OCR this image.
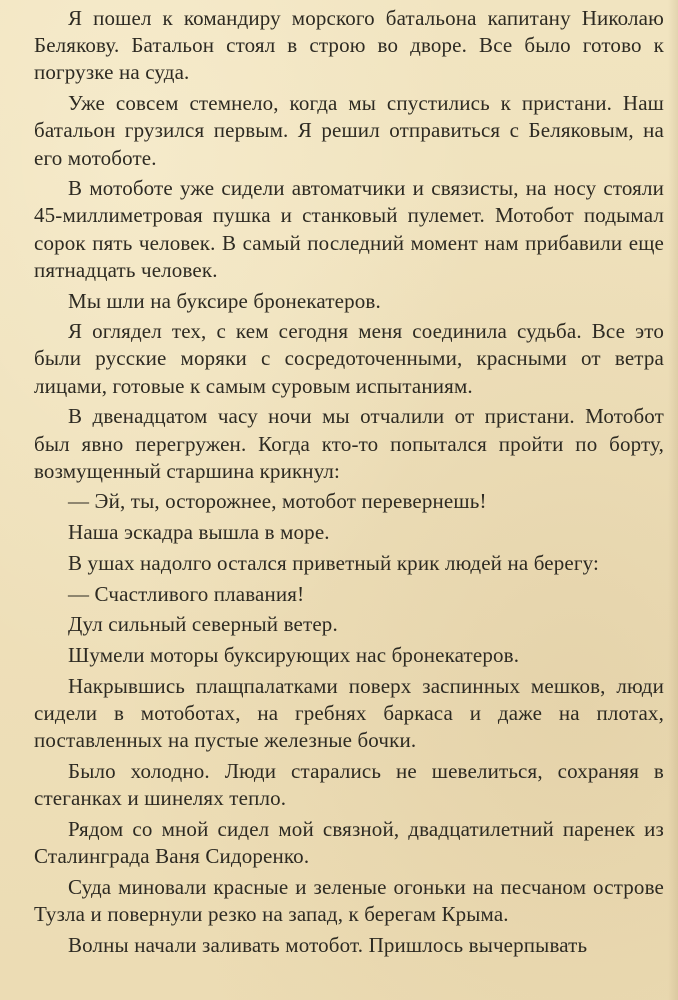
Я пошел к командиру морского батальона капитану Николаю Белякову. Батальон стоял в строю во дворе. Все было готово к погрузке на суда.

Уже совсем стемнело, когда мы спустились к пристани. Наш батальон грузился первым. Я решил отправиться с Беляковым, на его мотоботе.

В мотоботе уже сидели автоматчики и связисты, на носу стояли 45-миллиметровая пушка и станковый пулемет. Мотобот подымал сорок пять человек. В самый последний момент нам прибавили еще пятнадцать человек.

Мы шли на буксире бронекатеров.

Я оглядел тех, с кем сегодня меня соединила судьба. Все это были русские моряки с сосредоточенными, красными от ветра лицами, готовые к самым суровым испытаниям.

В двенадцатом часу ночи мы отчалили от пристани. Мотобот был явно перегружен. Когда кто-то попытался пройти по борту, возмущенный старшина крикнул:

— Эй, ты, осторожнее, мотобот перевернешь!

Наша эскадра вышла в море.

В ушах надолго остался приветный крик людей на берегу:

— Счастливого плавания!

Дул сильный северный ветер.

Шумели моторы буксирующих нас бронекатеров.

Накрывшись плащпалатками поверх заспинных мешков, люди сидели в мотоботах, на гребнях баркаса и даже на плотах, поставленных на пустые железные бочки.

Было холодно. Люди старались не шевелиться, сохраняя в стеганках и шинелях тепло.

Рядом со мной сидел мой связной, двадцатилетний паренек из Сталинграда Ваня Сидоренко.

Суда миновали красные и зеленые огоньки на песчаном острове Тузла и повернули резко на запад, к берегам Крыма.

Волны начали заливать мотобот. Пришлось вычерпывать
